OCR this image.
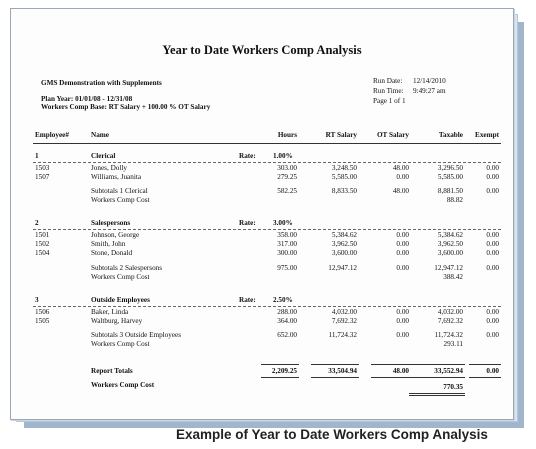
Year to Date Workers Comp Analysis
GMS Demonstration with Supplements
Plan Year: 01/01/08 - 12/31/08
Workers Comp Base: RT Salary + 100.00 % OT Salary
Run Date: 12/14/2010
Run Time: 9:49:27 am
Page 1 of 1
Employee#	Name	Hours	RT Salary	OT Salary	Taxable	Exempt
1	Clerical	Rate: 1.00%
1503	Jones, Dolly	303.00	3,248.50	48.00	3,296.50	0.00
1507	Williams, Juanita	279.25	5,585.00	0.00	5,585.00	0.00
Subtotals 1 Clerical	582.25	8,833.50	48.00	8,881.50	0.00
Workers Comp Cost	88.82
2	Salespersons	Rate: 3.00%
1501	Johnson, George	358.00	5,384.62	0.00	5,384.62	0.00
1502	Smith, John	317.00	3,962.50	0.00	3,962.50	0.00
1504	Stone, Donald	300.00	3,600.00	0.00	3,600.00	0.00
Subtotals 2 Salespersons	975.00	12,947.12	0.00	12,947.12	0.00
Workers Comp Cost	388.42
3	Outside Employees	Rate: 2.50%
1506	Baker, Linda	288.00	4,032.00	0.00	4,032.00	0.00
1505	Waltburg, Harvey	364.00	7,692.32	0.00	7,692.32	0.00
Subtotals 3 Outside Employees	652.00	11,724.32	0.00	11,724.32	0.00
Workers Comp Cost	293.11
Report Totals	2,209.25	33,504.94	48.00	33,552.94	0.00
Workers Comp Cost	770.35
Example of Year to Date Workers Comp Analysis
